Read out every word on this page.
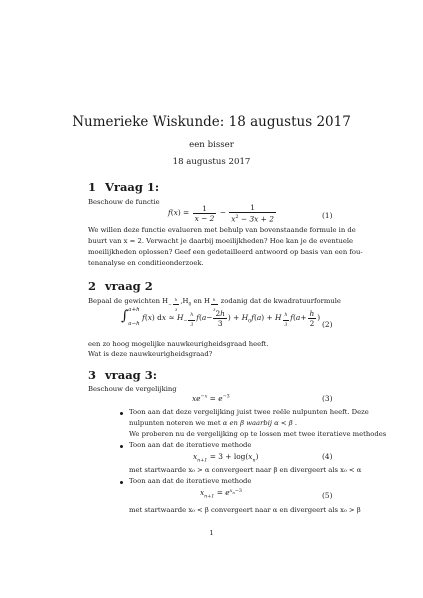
Numerieke Wiskunde: 18 augustus 2017
een bisser
18 augustus 2017
1 Vraag 1:
Beschouw de functie
$f(x) = \frac{1}{x - 2} - \frac{1}{x^2 - 3x + 2}$	(1)
We willen deze functie evalueren met behulp van bovenstaande formule in de
buurt van x = 2. Verwacht je daarbij moeilijkheden? Hoe kan je de eventuele
moeilijkheden oplossen? Geef een gedetailleerd antwoord op basis van een fou-
tenanalyse en conditieonderzoek.
2 vraag 2
Bepaal de gewichten $H_{- \frac{h}{3}}$ $,H_0$ en H $_{\frac{h}{3}}$ zodanig dat de kwadratuurformule
∫ a+h
a−h
f(x) dx ≈ $H_{- \frac{h}{3}}$ $f(a- \frac{2h}{3}$ ) + $H_0f(a) + H$ $_{\frac{h}{3}}$ $f(a+ \frac{h}{2}$ )
(2)
een zo hoog mogelijke nauwkeurigheidsgraad heeft.
Wat is deze nauwkeurigheidsgraad?
3 vraag 3:
Beschouw de vergelijking
$xe^{-x} = e^{-3}$	(3)
Toon aan dat deze vergelijking juist twee reële nulpunten heeft. Deze
nulpunten noteren we met α en β waarbij α < β .
We proberen nu de vergelijking op te lossen met twee iteratieve methodes
Toon aan dat de iteratieve methode
$x_{n+1} = 3 + \log(x_n)$	(4)
met startwaarde x₀ > α convergeert naar β en divergeert als x₀ < α
Toon aan dat de iteratieve methode
$x_{n+1} = e^{x_n-3}$	(5)
met startwaarde x₀ < β convergeert naar α en divergeert als x₀ > β
1
